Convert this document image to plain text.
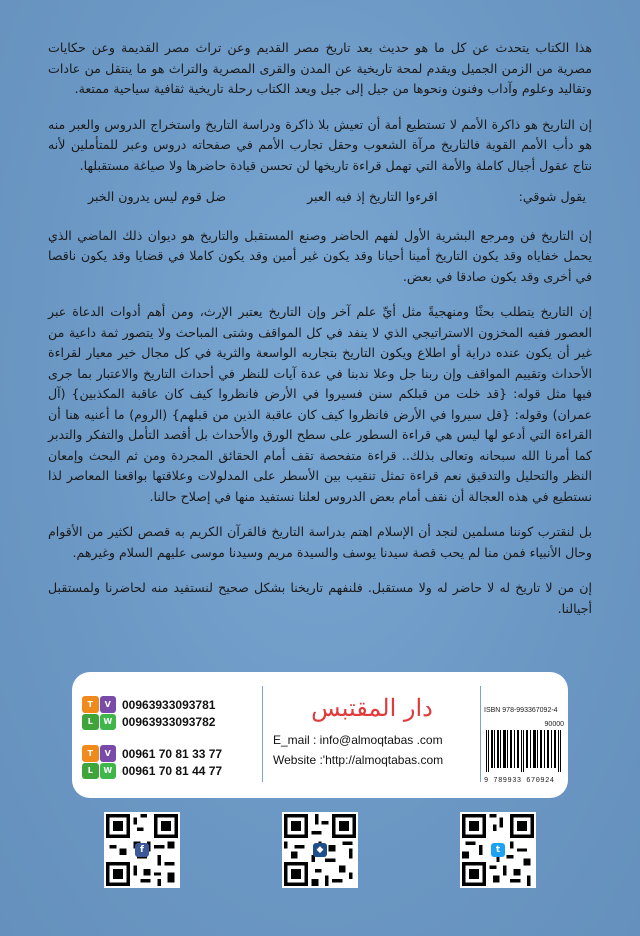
هذا الكتاب يتحدث عن كل ما هو حديث بعد تاريخ مصر القديم وعن تراث مصر القديمة وعن حكايات مصرية من الزمن الجميل ويقدم لمحة تاريخية عن المدن والقرى المصرية والتراث هو ما ينتقل من عادات وتقاليد وعلوم وآداب وفنون ونحوها من جيل إلى جيل ويعد الكتاب رحلة تاريخية ثقافية سياحية ممتعة.

إن التاريخ هو ذاكرة الأمم لا تستطيع أمة أن تعيش بلا ذاكرة ودراسة التاريخ واستخراج الدروس والعبر منه هو دأب الأمم القوية فالتاريخ مرآة الشعوب وحقل تجارب الأمم في صفحاته دروس وعبر للمتأملين لأنه نتاج عقول أجيال كاملة والأمة التي تهمل قراءة تاريخها لن تحسن قيادة حاضرها ولا صياغة مستقبلها.

يقول شوقي:
اقرءوا التاريخ إذ فيه العبر
ضل قوم ليس يدرون الخبر

إن التاريخ فن ومرجع البشرية الأول لفهم الحاضر وصنع المستقبل والتاريخ هو ديوان ذلك الماضي الذي يحمل خفاياه وقد يكون التاريخ أمينا أحيانا وقد يكون غير أمين وقد يكون كاملا في قضايا وقد يكون ناقصا في أخرى وقد يكون صادقا في بعض.

إن التاريخ يتطلب بحثًا ومنهجيةً مثل أيِّ علم آخر وإن التاريخ يعتبر الإرث، ومن أهم أدوات الدعاة عبر العصور ففيه المخزون الاستراتيجي الذي لا ينفد في كل المواقف وشتى المباحث ولا يتصور ثمة داعية من غير أن يكون عنده دراية أو اطلاع ويكون التاريخ بتجاربه الواسعة والثرية في كل مجال خير معيار لقراءة الأحداث وتقييم المواقف وإن ربنا جل وعلا ندبنا في عدة آيات للنظر في أحداث التاريخ والاعتبار بما جرى فيها مثل قوله: {قد خلت من قبلكم سنن فسيروا في الأرض فانظروا كيف كان عاقبة المكذبين} (آل عمران) وقوله: {قل سيروا في الأرض فانظروا كيف كان عاقبة الذين من قبلهم} (الروم) ما أعنيه هنا أن القراءة التي أدعو لها ليس هي قراءة السطور على سطح الورق والأحداث بل أقصد التأمل والتفكر والتدبر كما أمرنا الله سبحانه وتعالى بذلك.. قراءة متفحصة تقف أمام الحقائق المجردة ومن ثم البحث وإمعان النظر والتحليل والتدقيق نعم قراءة تمثل تنقيب بين الأسطر على المدلولات وعلاقتها بواقعنا المعاصر لذا نستطيع في هذه العجالة أن نقف أمام بعض الدروس لعلنا نستفيد منها في إصلاح حالنا.

بل لنقترب كوننا مسلمين لنجد أن الإسلام اهتم بدراسة التاريخ فالقرآن الكريم به قصص لكثير من الأقوام وحال الأنبياء فمن منا لم يحب قصة سيدنا يوسف والسيدة مريم وسيدنا موسى عليهم السلام وغيرهم.

إن من لا تاريخ له لا حاضر له ولا مستقبل. فلنفهم تاريخنا بشكل صحيح لنستفيد منه لحاضرنا ولمستقبل أجيالنا.

T	V
L	W
00963933093781
00963933093782
T	V
L	W
00961 70 81 33 77
00961 70 81 44 77
دار المقتبس
E_mail : info@almoqtabas .com
Website :'http://almoqtabas.com
ISBN 978-993367092-4
90000
9 789933 670924
f	◆	t
